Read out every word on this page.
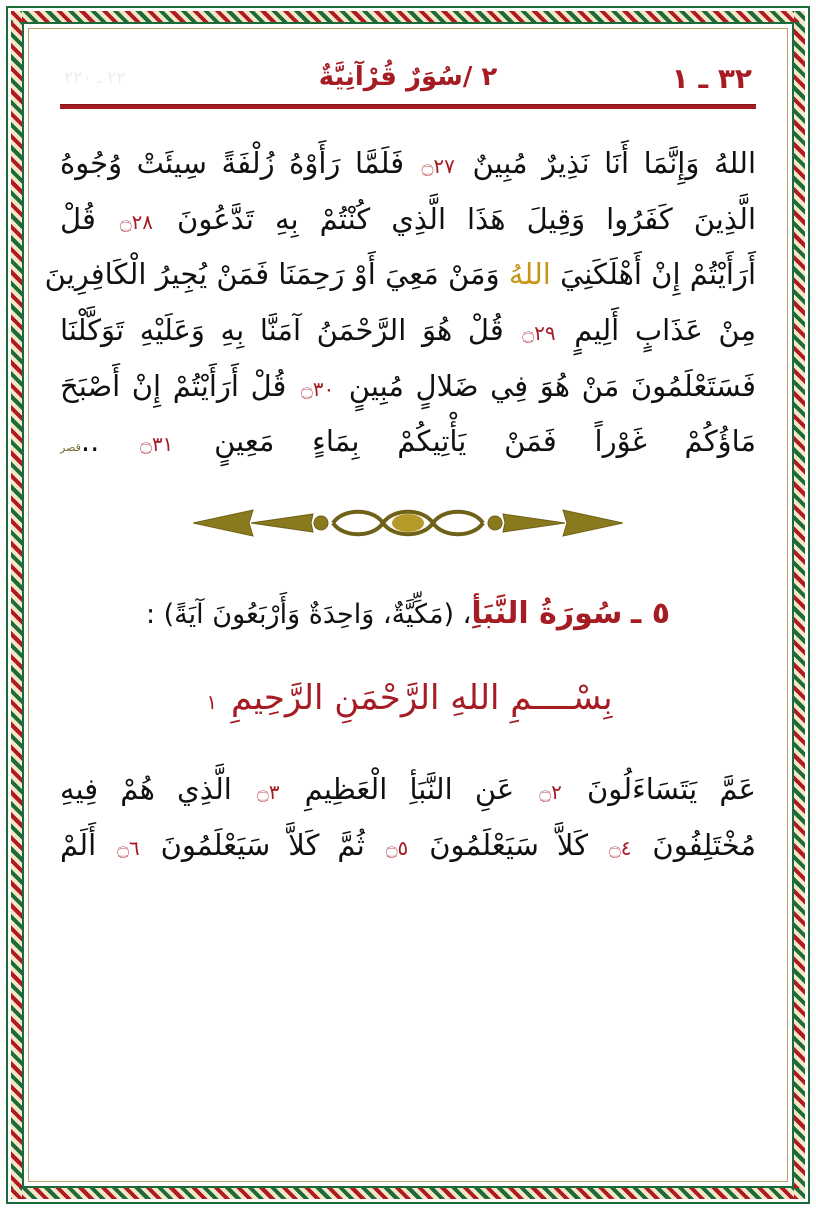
٢٢ ـ ٢٢٠	٢ /سُوَرٌ قُرْآنِيَّةٌ	٣٢ ـ ١
اللهُ وَإِنَّمَا أَنَا نَذِيرٌ مُبِينٌ ۝٢٧ فَلَمَّا رَأَوْهُ زُلْفَةً سِيئَتْ وُجُوهُ
الَّذِينَ كَفَرُوا وَقِيلَ هَذَا الَّذِي كُنْتُمْ بِهِ تَدَّعُونَ ۝٢٨ قُلْ
أَرَأَيْتُمْ إِنْ أَهْلَكَنِيَ اللهُ وَمَنْ مَعِيَ أَوْ رَحِمَنَا فَمَنْ يُجِيرُ الْكَافِرِينَ
مِنْ عَذَابٍ أَلِيمٍ ۝٢٩ قُلْ هُوَ الرَّحْمَنُ آمَنَّا بِهِ وَعَلَيْهِ تَوَكَّلْنَا
فَسَتَعْلَمُونَ مَنْ هُوَ فِي ضَلالٍ مُبِينٍ ۝٣٠ قُلْ أَرَأَيْتُمْ إِنْ أَصْبَحَ
مَاؤُكُمْ غَوْراً فَمَنْ يَأْتِيكُمْ بِمَاءٍ مَعِينٍ ۝٣١ ..قصر
٥ ـ سُورَةُ النَّبَأِ، (مَكِّيَّةٌ، وَاحِدَةٌ وَأَرْبَعُونَ آيَةً) :
بِسْــــمِ اللهِ الرَّحْمَنِ الرَّحِيمِ ١
عَمَّ يَتَسَاءَلُونَ ۝٢ عَنِ النَّبَأِ الْعَظِيمِ ۝٣ الَّذِي هُمْ فِيهِ
مُخْتَلِفُونَ ۝٤ كَلاَّ سَيَعْلَمُونَ ۝٥ ثُمَّ كَلاَّ سَيَعْلَمُونَ ۝٦ أَلَمْ
